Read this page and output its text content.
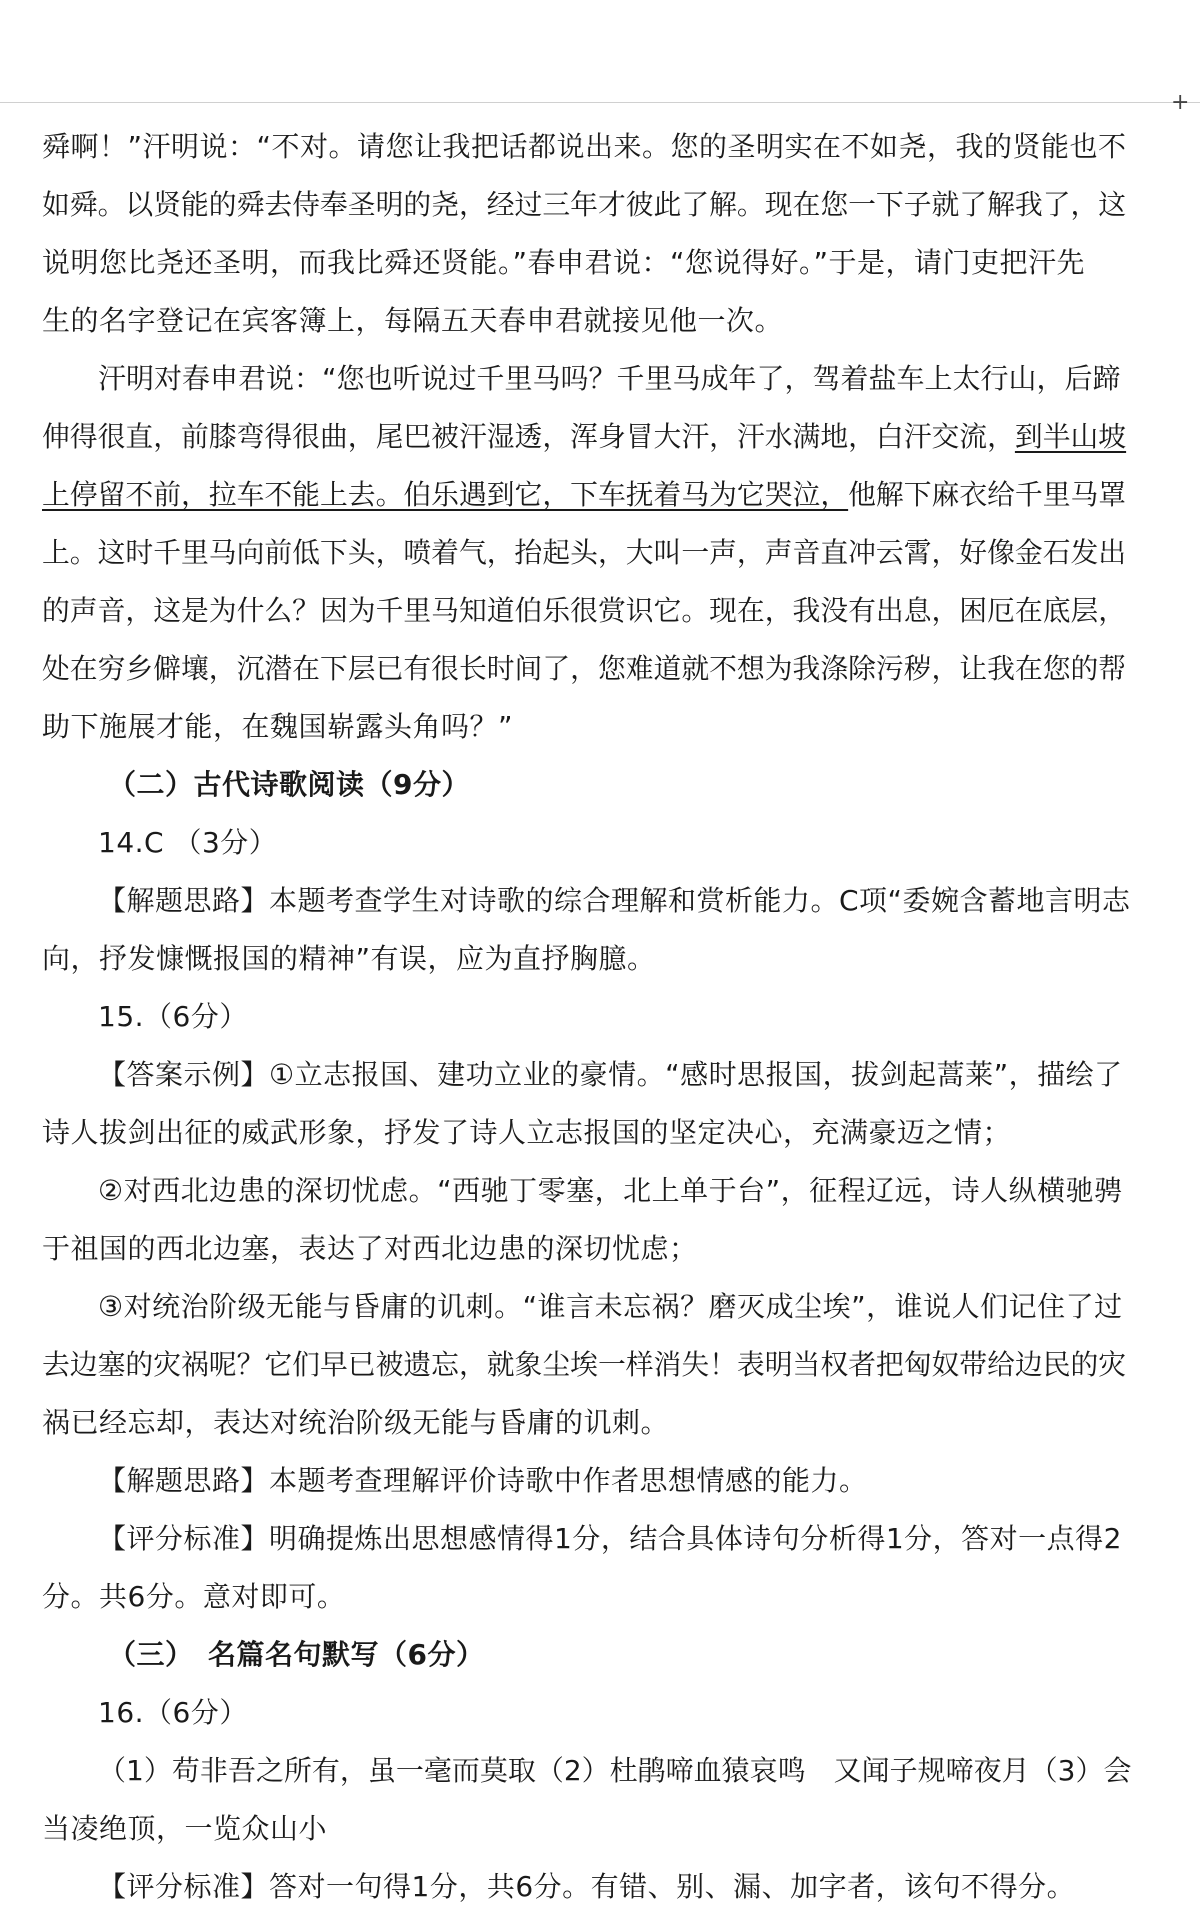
+

舜啊！”汗明说：“不对。请您让我把话都说出来。您的圣明实在不如尧，我的贤能也不

如舜。以贤能的舜去侍奉圣明的尧，经过三年才彼此了解。现在您一下子就了解我了，这

说明您比尧还圣明，而我比舜还贤能。”春申君说：“您说得好。”于是，请门吏把汗先

生的名字登记在宾客簿上，每隔五天春申君就接见他一次。

汗明对春申君说：“您也听说过千里马吗？千里马成年了，驾着盐车上太行山，后蹄

伸得很直，前膝弯得很曲，尾巴被汗湿透，浑身冒大汗，汗水满地，白汗交流，到半山坡

上停留不前，拉车不能上去。伯乐遇到它，下车抚着马为它哭泣，他解下麻衣给千里马罩

上。这时千里马向前低下头，喷着气，抬起头，大叫一声，声音直冲云霄，好像金石发出

的声音，这是为什么？因为千里马知道伯乐很赏识它。现在，我没有出息，困厄在底层，

处在穷乡僻壤，沉潜在下层已有很长时间了，您难道就不想为我涤除污秽，让我在您的帮

助下施展才能，在魏国崭露头角吗？”

（二）古代诗歌阅读（9分）

14.C （3分）

【解题思路】本题考查学生对诗歌的综合理解和赏析能力。C项“委婉含蓄地言明志

向，抒发慷慨报国的精神”有误，应为直抒胸臆。

15.（6分）

【答案示例】①立志报国、建功立业的豪情。“感时思报国，拔剑起蒿莱”，描绘了

诗人拔剑出征的威武形象，抒发了诗人立志报国的坚定决心，充满豪迈之情；

②对西北边患的深切忧虑。“西驰丁零塞，北上单于台”，征程辽远，诗人纵横驰骋

于祖国的西北边塞，表达了对西北边患的深切忧虑；

③对统治阶级无能与昏庸的讥刺。“谁言未忘祸？磨灭成尘埃”，谁说人们记住了过

去边塞的灾祸呢？它们早已被遗忘，就象尘埃一样消失！表明当权者把匈奴带给边民的灾

祸已经忘却，表达对统治阶级无能与昏庸的讥刺。

【解题思路】本题考查理解评价诗歌中作者思想情感的能力。

【评分标准】明确提炼出思想感情得1分，结合具体诗句分析得1分，答对一点得2

分。共6分。意对即可。

（三）　名篇名句默写（6分）

16.（6分）

（1）苟非吾之所有，虽一毫而莫取（2）杜鹃啼血猿哀鸣　又闻子规啼夜月（3）会

当凌绝顶，一览众山小

【评分标准】答对一句得1分，共6分。有错、别、漏、加字者，该句不得分。
